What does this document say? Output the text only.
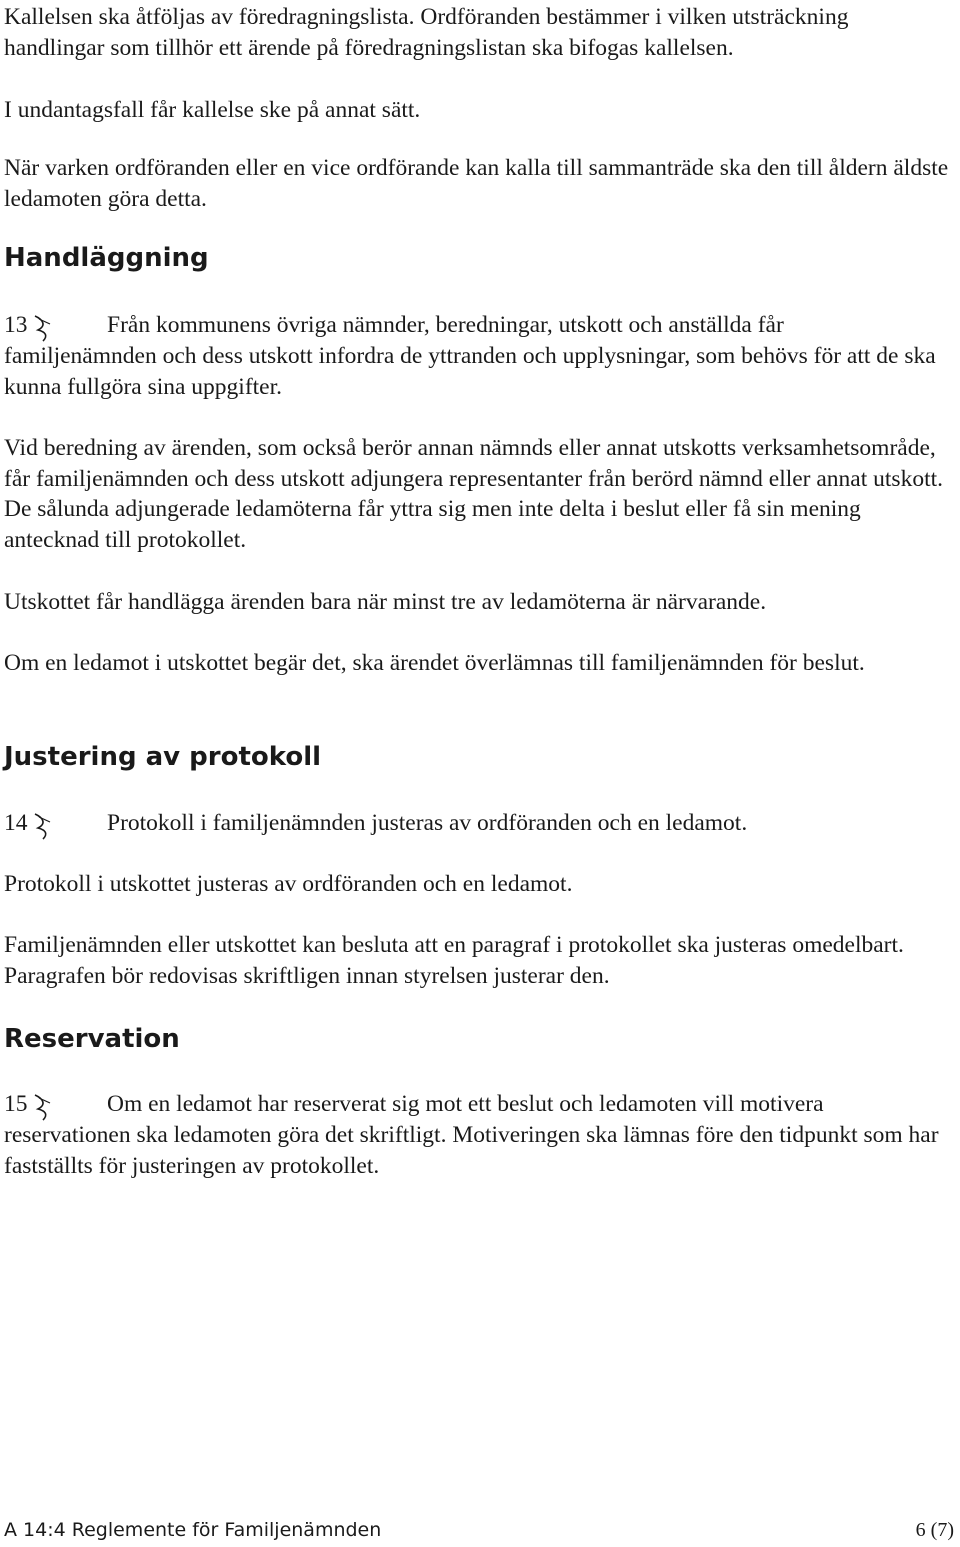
Kallelsen ska åtföljas av föredragningslista. Ordföranden bestämmer i vilken utsträckning handlingar som tillhör ett ärende på föredragningslistan ska bifogas kallelsen.

I undantagsfall får kallelse ske på annat sätt.

När varken ordföranden eller en vice ordförande kan kalla till sammanträde ska den till åldern äldste ledamoten göra detta.

Handläggning
13	Från kommunens övriga nämnder, beredningar, utskott och anställda får

familjenämnden och dess utskott infordra de yttranden och upplysningar, som behövs för att de ska kunna fullgöra sina uppgifter.

Vid beredning av ärenden, som också berör annan nämnds eller annat utskotts verksamhetsområde, får familjenämnden och dess utskott adjungera representanter från berörd nämnd eller annat utskott. De sålunda adjungerade ledamöterna får yttra sig men inte delta i beslut eller få sin mening antecknad till protokollet.

Utskottet får handlägga ärenden bara när minst tre av ledamöterna är närvarande.

Om en ledamot i utskottet begär det, ska ärendet överlämnas till familjenämnden för beslut.

Justering av protokoll
14	Protokoll i familjenämnden justeras av ordföranden och en ledamot.

Protokoll i utskottet justeras av ordföranden och en ledamot.

Familjenämnden eller utskottet kan besluta att en paragraf i protokollet ska justeras omedelbart. Paragrafen bör redovisas skriftligen innan styrelsen justerar den.

Reservation
15	Om en ledamot har reserverat sig mot ett beslut och ledamoten vill motivera

reservationen ska ledamoten göra det skriftligt. Motiveringen ska lämnas före den tidpunkt som har fastställts för justeringen av protokollet.

A 14:4 Reglemente för Familjenämnden	6 (7)
